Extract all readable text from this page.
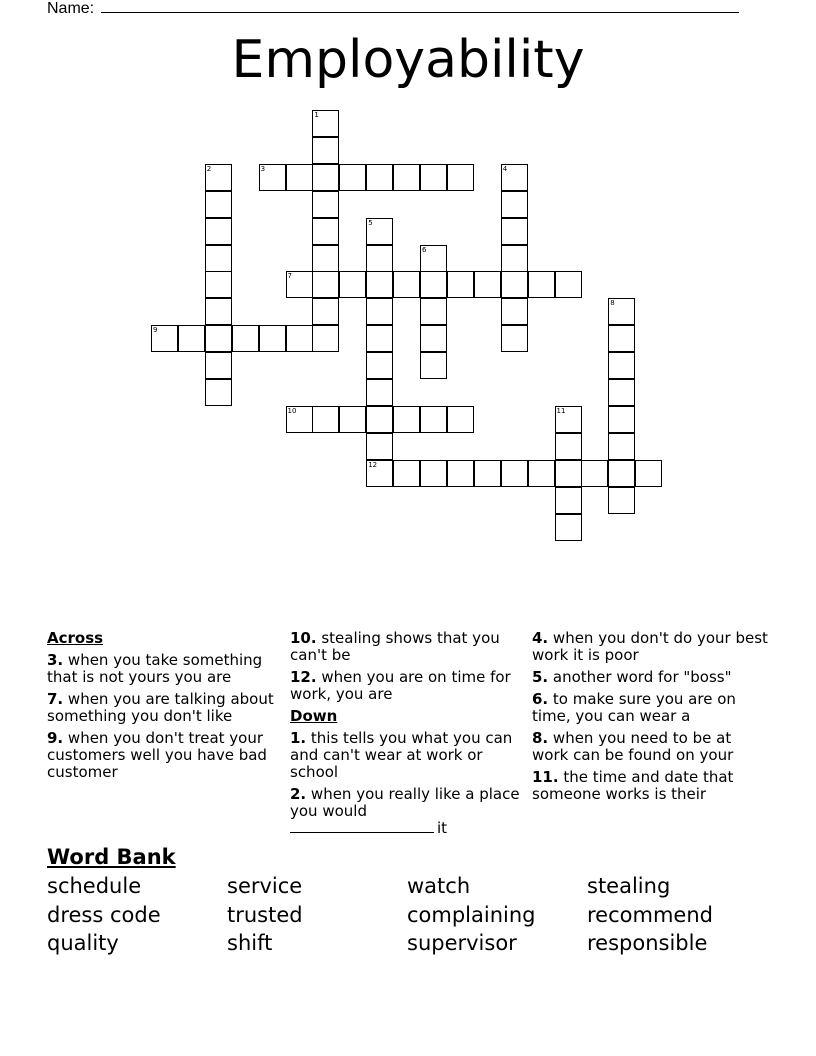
Name:
Employability
1
2	3	4
5
12
6
7
8
9
10	11
Across
3. when you take something that is not yours you are
7. when you are talking about something you don't like
9. when you don't treat your customers well you have bad customer
10. stealing shows that you can't be
12. when you are on time for work, you are
Down
1. this tells you what you can and can't wear at work or school
2. when you really like a place you would
it
4. when you don't do your best work it is poor
5. another word for "boss"
6. to make sure you are on time, you can wear a
8. when you need to be at work can be found on your
11. the time and date that someone works is their
Word Bank
schedule	service	watch	stealing
dress code	trusted	complaining	recommend
quality	shift	supervisor	responsible
